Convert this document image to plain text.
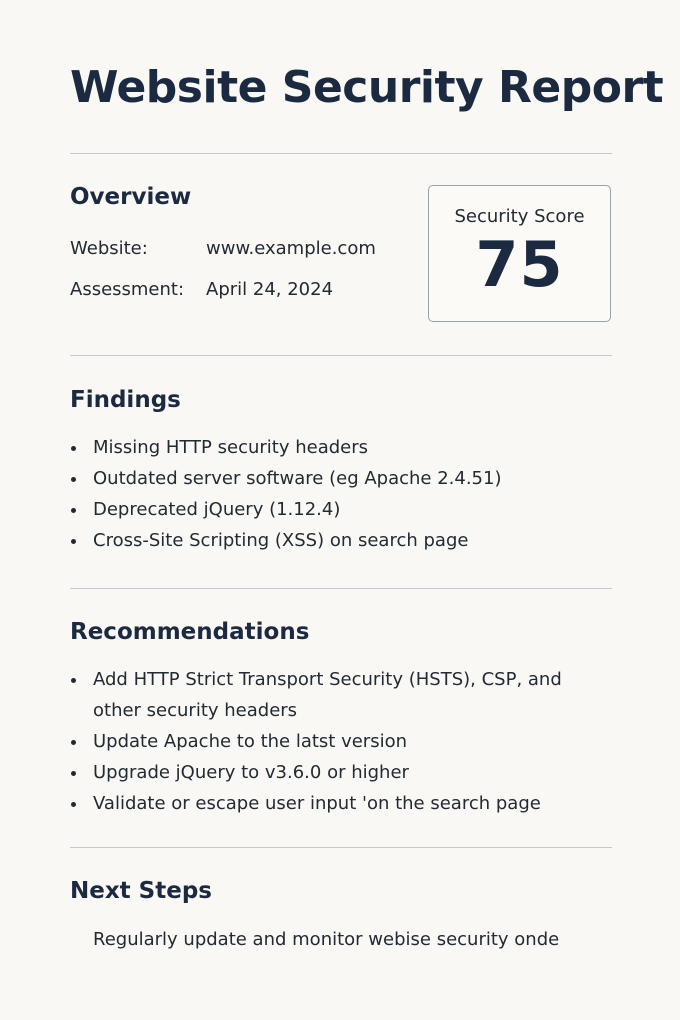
Website Security Report
Overview
Website:	www.example.com
Assessment: April 24, 2024
Security Score
75
Findings
Missing HTTP security headers
Outdated server software (eg Apache 2.4.51)
Deprecated jQuery (1.12.4)
Cross-Site Scripting (XSS) on search page
Recommendations
Add HTTP Strict Transport Security (HSTS), CSP, and other security headers
Update Apache to the latst version
Upgrade jQuery to v3.6.0 or higher
Validate or escape user input 'on the search page
Next Steps

Regularly update and monitor webise security onde
